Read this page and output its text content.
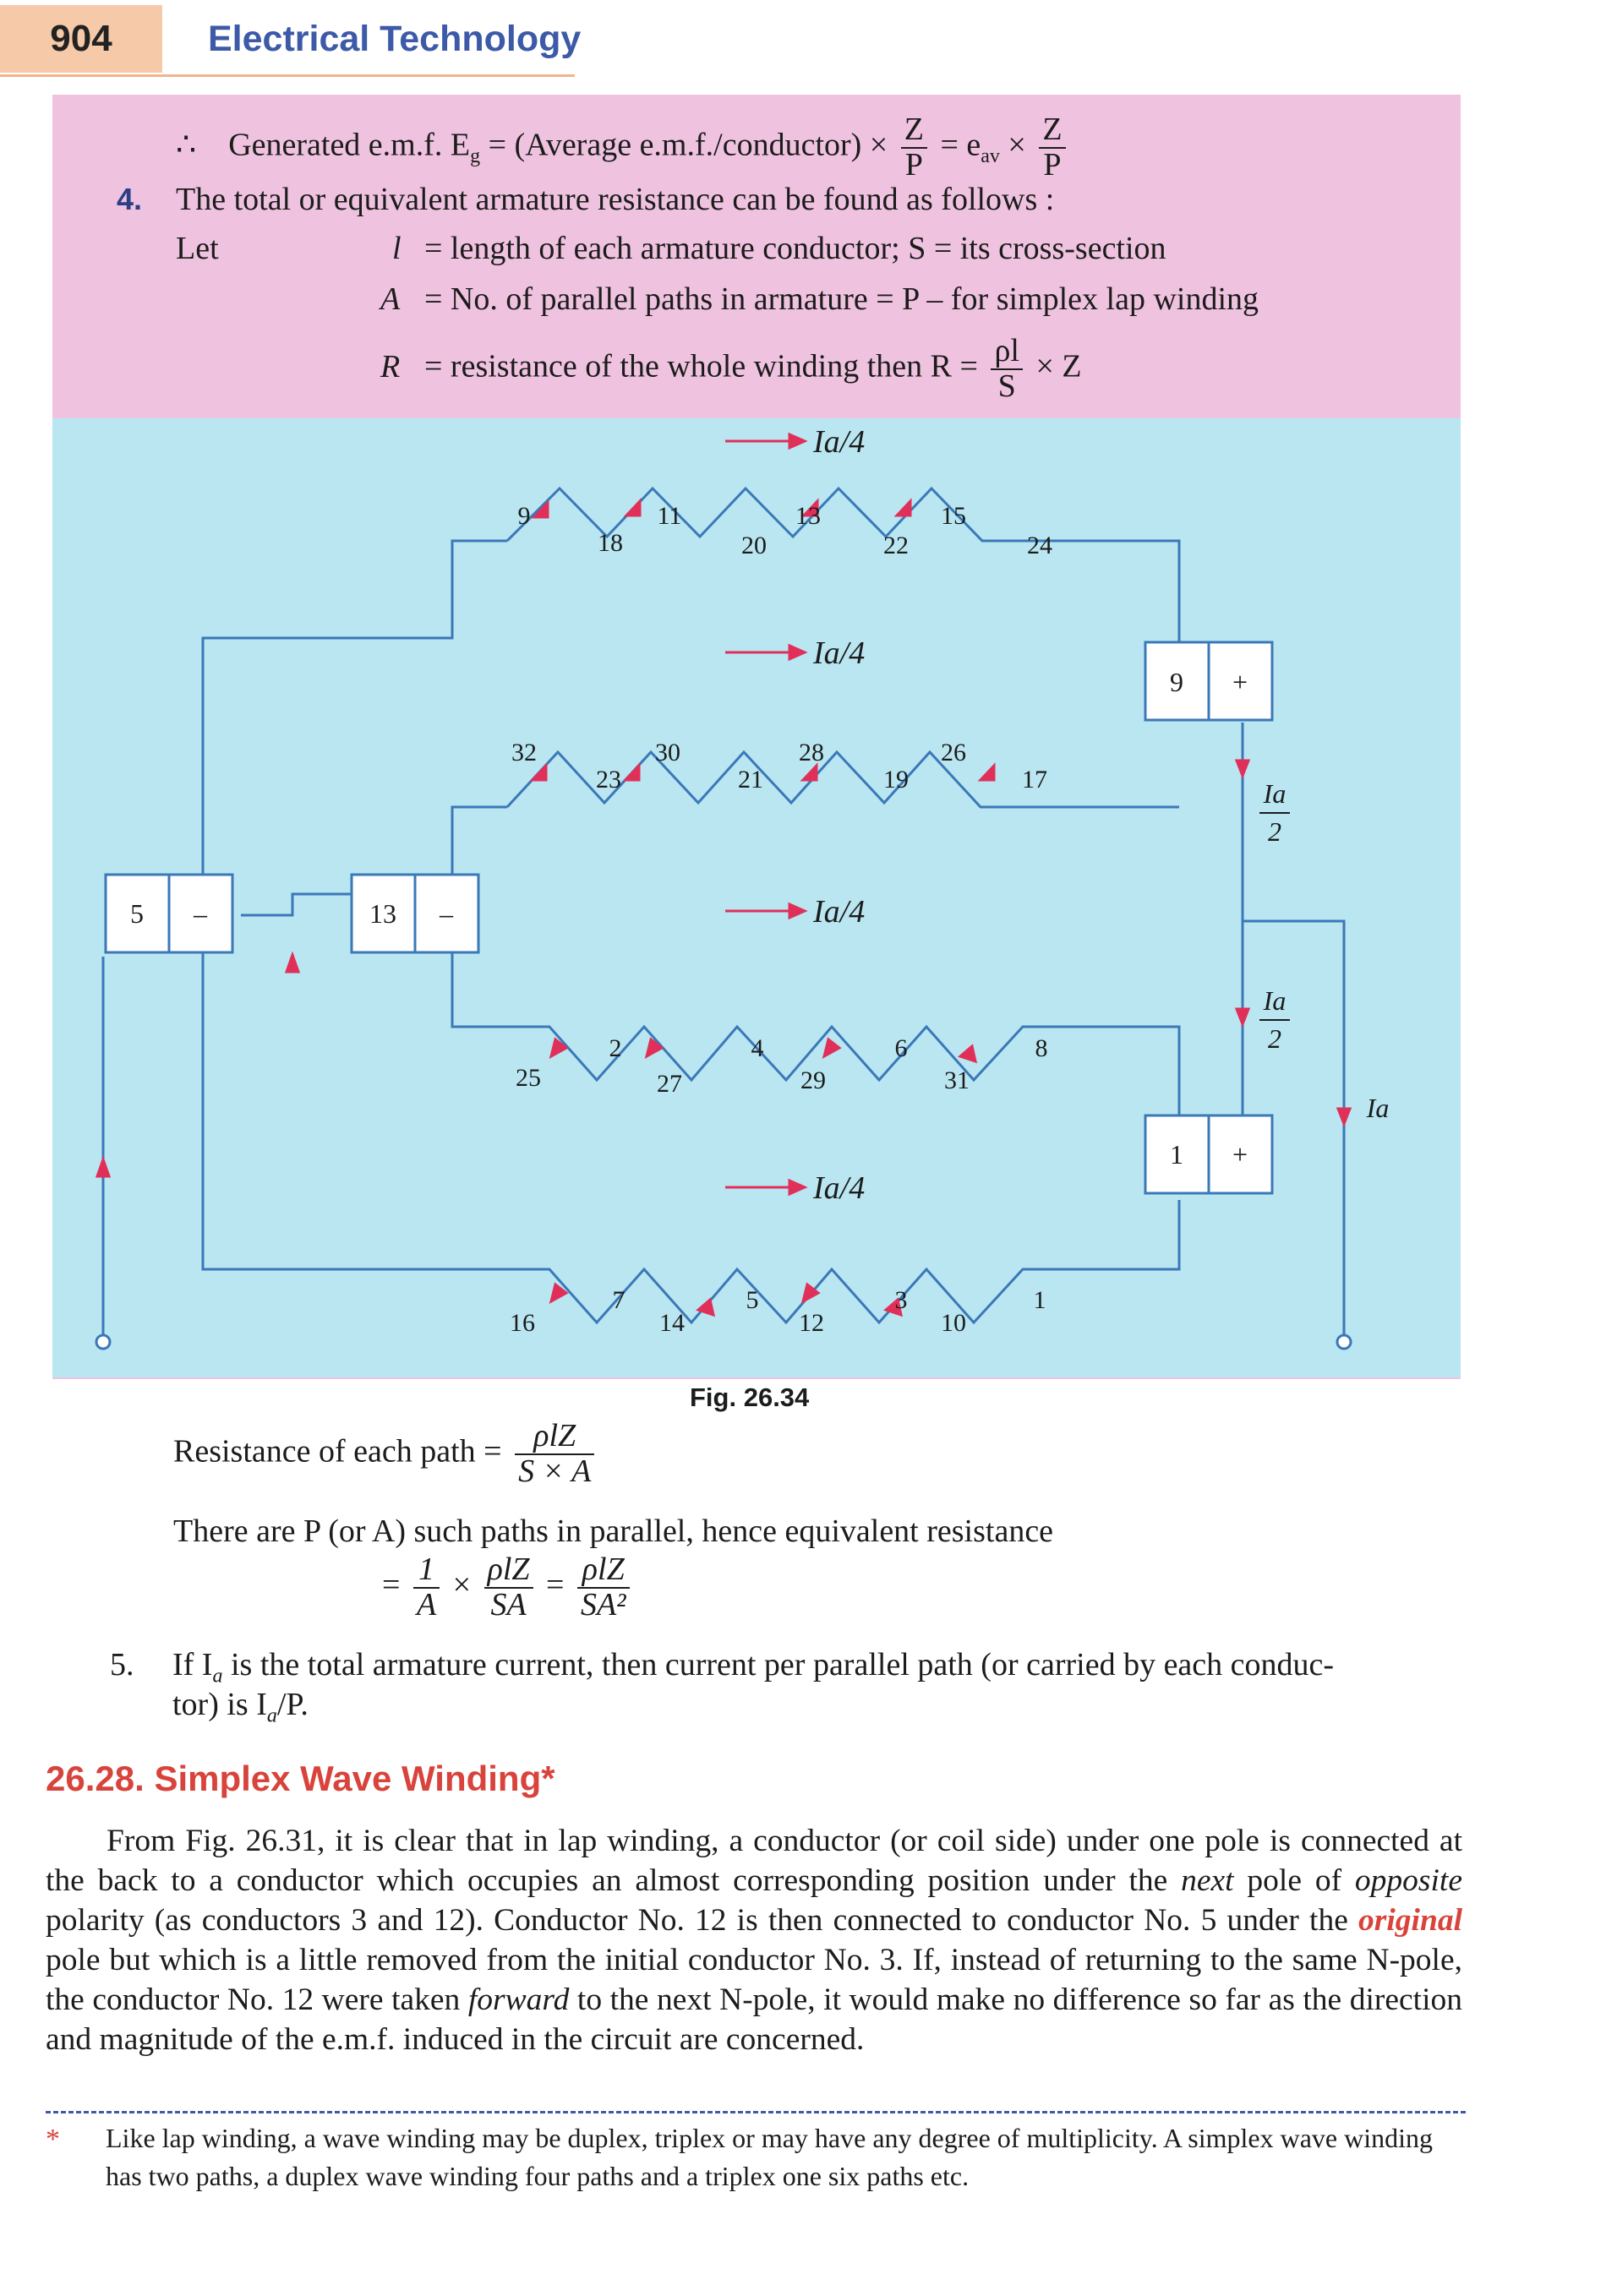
904	Electrical Technology
∴ Generated e.m.f. $E_g$ = (Average e.m.f./conductor) × $\frac{Z}{P} = e_{av} \times \frac{Z}{P}$
4. The total or equivalent armature resistance can be found as follows :
Let	l = length of each armature conductor; S = its cross-section
A = No. of parallel paths in armature = P – for simplex lap winding
R = resistance of the whole winding then $R = \frac{\rho l}{S} \times Z$
Ia/4
Ia/4
Ia/4
Ia/4
Ia
2
Ia
2
Ia
9	11	13	15
18	20	22	24
32	30	28	26
23	21	19	17
2	4	6	8
25	27	29	31
7	5	3	1
16	14	12	10
9 +
1 +
5 –	13 –
Fig. 26.34
Resistance of each path = $\frac{\text{ρlZ}}{S \times A}$
There are P (or A) such paths in parallel, hence equivalent resistance
= $\frac{1}{A} \times \frac{\text{ρlZ}}{SA} = \frac{\text{ρlZ}}{\text{SA²}}$
5. If $I_a$ is the total armature current, then current per parallel path (or carried by each conduc-
tor) is $I_a/P$.
26.28. Simplex Wave Winding*
From Fig. 26.31, it is clear that in lap winding, a conductor (or coil side) under one pole is connected at the back to a conductor which occupies an almost corresponding position under the next pole of opposite polarity (as conductors 3 and 12). Conductor No. 12 is then connected to conductor No. 5 under the original pole but which is a little removed from the initial conductor No. 3. If, instead of returning to the same N-pole, the conductor No. 12 were taken forward to the next N-pole, it would make no difference so far as the direction and magnitude of the e.m.f. induced in the circuit are concerned.
* Like lap winding, a wave winding may be duplex, triplex or may have any degree of multiplicity. A simplex wave winding has two paths, a duplex wave winding four paths and a triplex one six paths etc.
